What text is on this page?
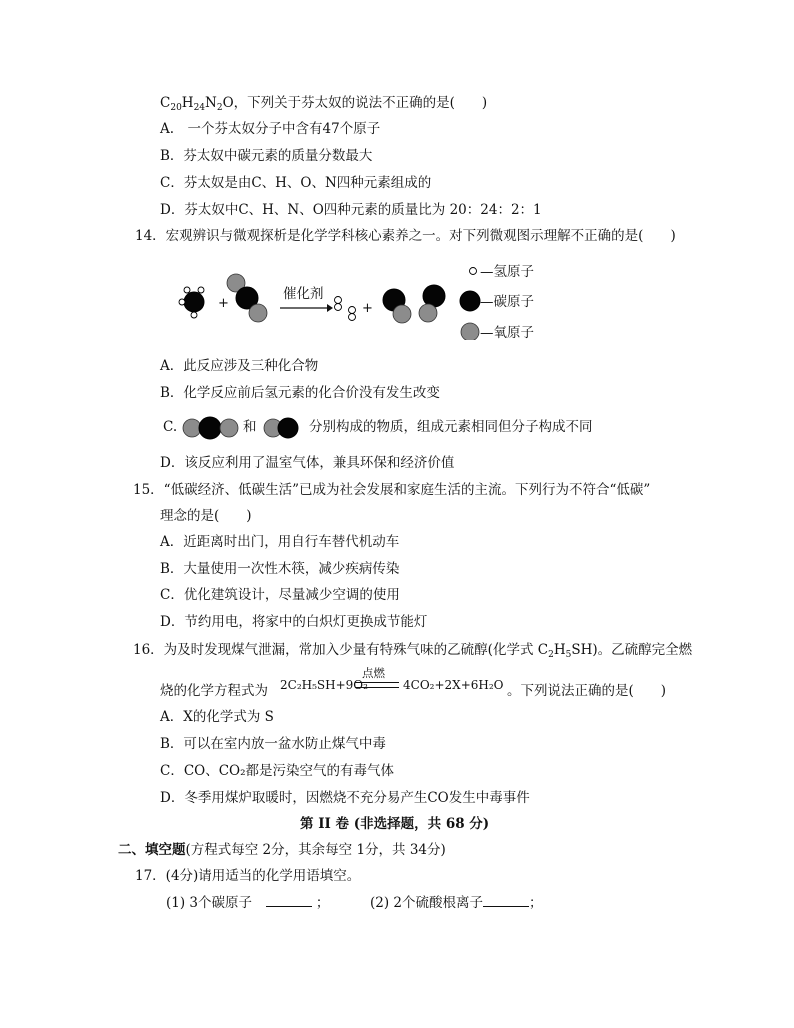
$C_{20}H_{24}N_2O$，下列关于芬太奴的说法不正确的是(　　)
A.　一个芬太奴分子中含有47个原子
B．芬太奴中碳元素的质量分数最大
C．芬太奴是由C、H、O、N四种元素组成的
D．芬太奴中C、H、N、O四种元素的质量比为 20：24：2：1
14．宏观辨识与微观探析是化学学科核心素养之一。对下列微观图示理解不正确的是(　　)
+
催化剂
+
—氢原子
—碳原子
—氧原子
A．此反应涉及三种化合物
B．化学反应前后氢元素的化合价没有发生改变
C.	和	分别构成的物质，组成元素相同但分子构成不同
D．该反应利用了温室气体，兼具环保和经济价值
15．“低碳经济、低碳生活”已成为社会发展和家庭生活的主流。下列行为不符合“低碳”
理念的是(　　)
A．近距离时出门，用自行车替代机动车
B．大量使用一次性木筷，减少疾病传染
C．优化建筑设计，尽量减少空调的使用
D．节约用电，将家中的白炽灯更换成节能灯
16．为及时发现煤气泄漏，常加入少量有特殊气味的乙硫醇(化学式 $C_2H_5SH$)。乙硫醇完全燃
烧的化学方程式为 2C₂H₅SH+9O₂
点燃
4CO₂+2X+6H₂O 。下列说法正确的是(　　)
A．X的化学式为 S
B．可以在室内放一盆水防止煤气中毒
C．CO、CO₂都是污染空气的有毒气体
D．冬季用煤炉取暖时，因燃烧不充分易产生CO发生中毒事件
第 II 卷 (非选择题，共 68 分)
二、填空题(方程式每空 2分，其余每空 1分，共 34分)
17．(4分)请用适当的化学用语填空。
(1) 3个碳原子　	；	(2) 2个硫酸根离子	；
